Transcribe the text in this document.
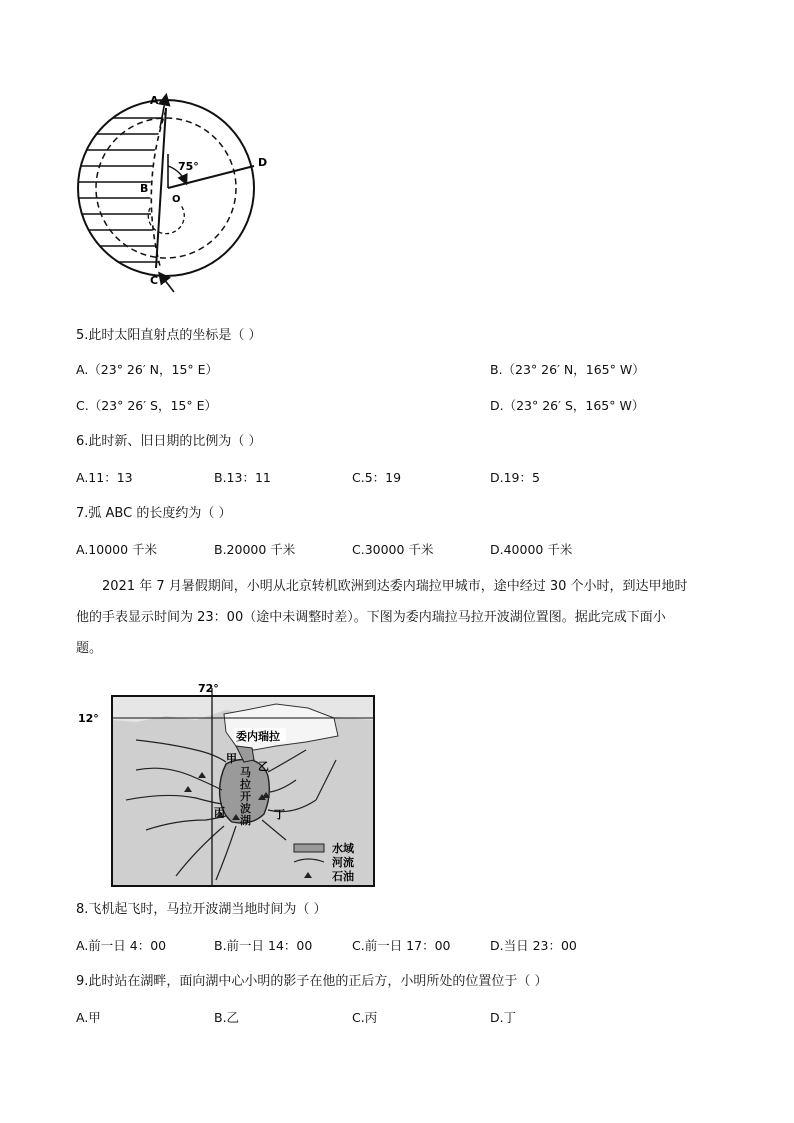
A
B
C
D
O
75°
5.此时太阳直射点的坐标是（ ）
A.（23° 26′ N，15° E）	B.（23° 26′ N，165° W）
C.（23° 26′ S，15° E）	D.（23° 26′ S，165° W）
6.此时新、旧日期的比例为（ ）
A.11：13	B.13：11	C.5：19	D.19：5
7.弧 ABC 的长度约为（ ）
A.10000 千米	B.20000 千米	C.30000 千米	D.40000 千米
2021 年 7 月暑假期间，小明从北京转机欧洲到达委内瑞拉甲城市，途中经过 30 个小时，到达甲地时
他的手表显示时间为 23：00（途中未调整时差）。下图为委内瑞拉马拉开波湖位置图。据此完成下面小
题。
委内瑞拉
72°
12°
甲
乙
丙	丁
马
拉
开
波
湖
水域
河流
石油
8.飞机起飞时，马拉开波湖当地时间为（ ）
A.前一日 4：00	B.前一日 14：00	C.前一日 17：00	D.当日 23：00
9.此时站在湖畔，面向湖中心小明的影子在他的正后方，小明所处的位置位于（ ）
A.甲	B.乙	C.丙	D.丁
